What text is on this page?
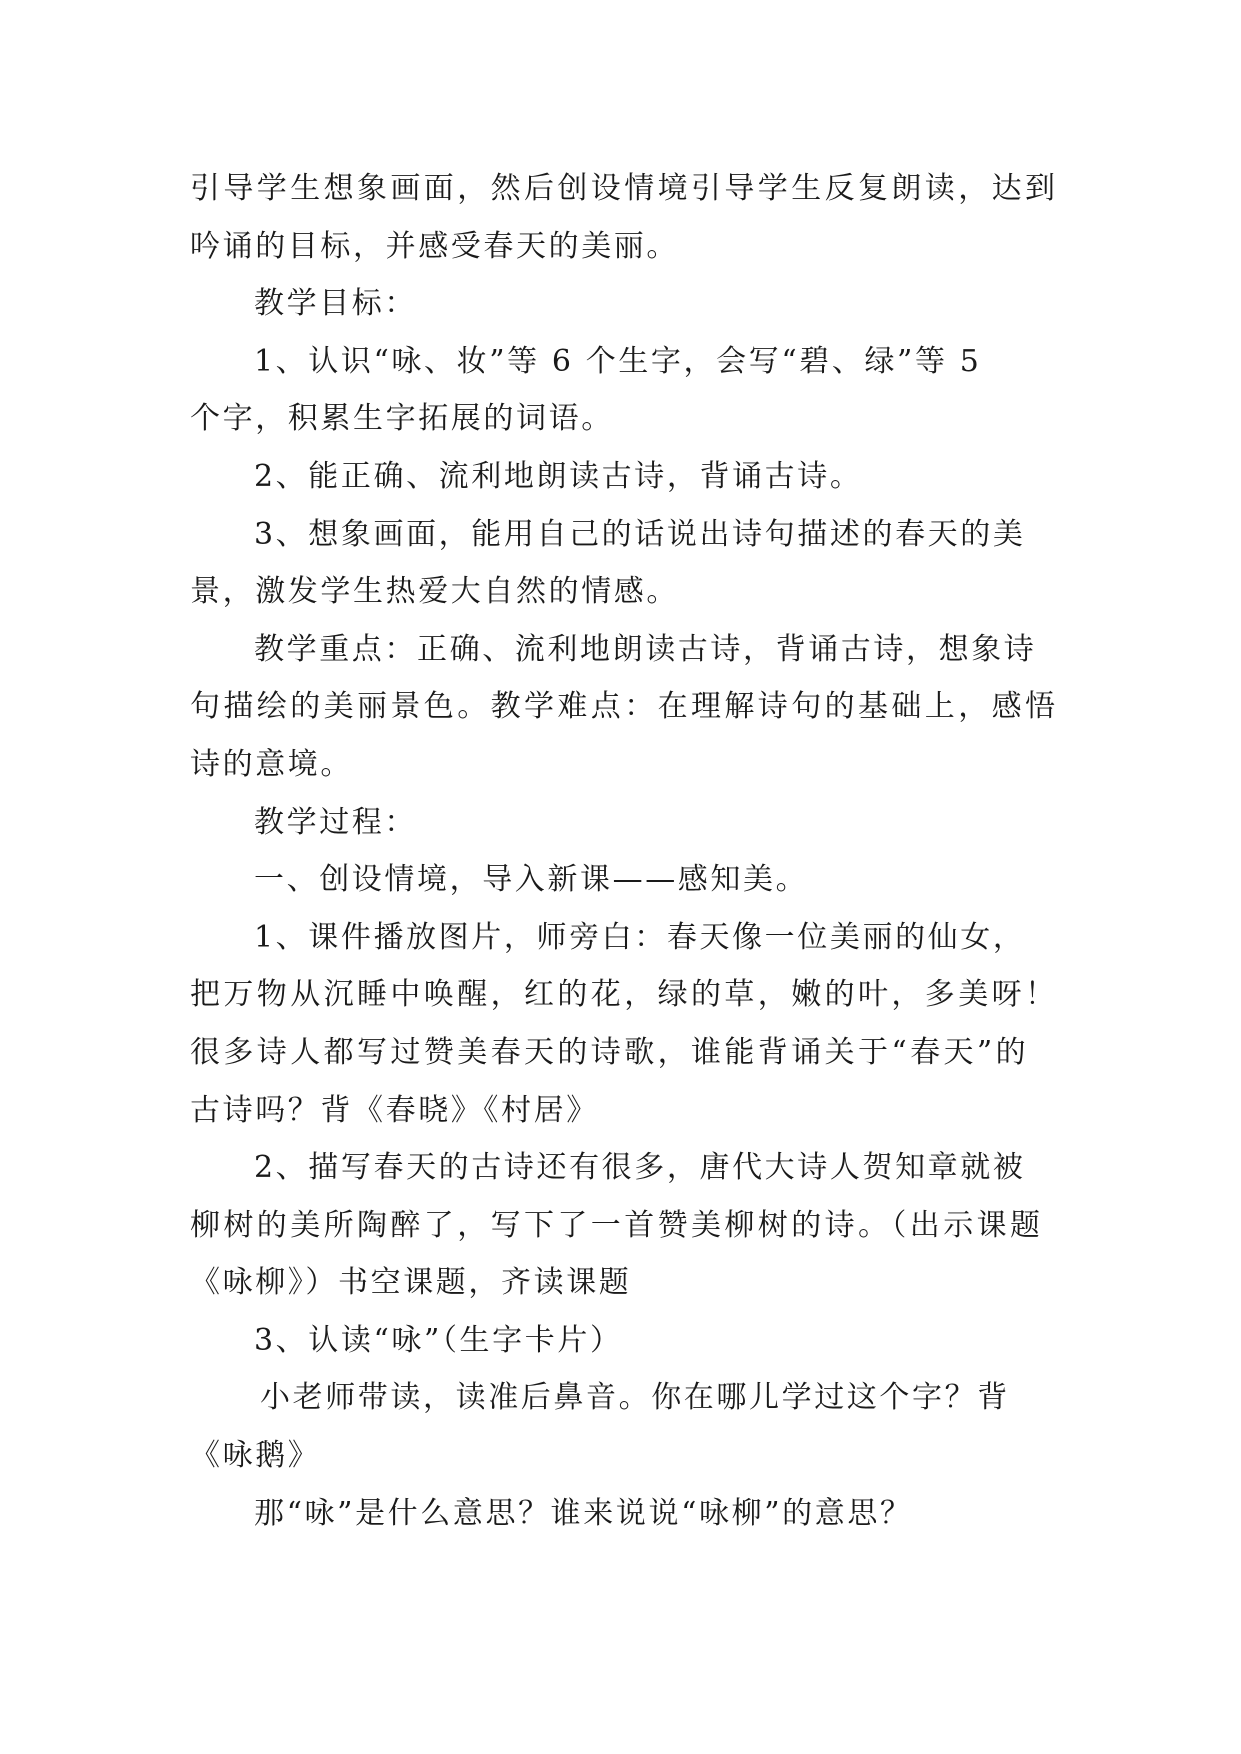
引导学生想象画面，然后创设情境引导学生反复朗读，达到
吟诵的目标，并感受春天的美丽。
教学目标：
1、认识“咏、妆”等 6 个生字，会写“碧、绿”等 5
个字，积累生字拓展的词语。
2、能正确、流利地朗读古诗，背诵古诗。
3、想象画面，能用自己的话说出诗句描述的春天的美
景，激发学生热爱大自然的情感。
教学重点：正确、流利地朗读古诗，背诵古诗，想象诗
句描绘的美丽景色。教学难点：在理解诗句的基础上，感悟
诗的意境。
教学过程：
一、创设情境，导入新课——感知美。
1、课件播放图片，师旁白：春天像一位美丽的仙女，
把万物从沉睡中唤醒，红的花，绿的草，嫩的叶，多美呀！
很多诗人都写过赞美春天的诗歌，谁能背诵关于“春天”的
古诗吗？背《春晓》《村居》
2、描写春天的古诗还有很多，唐代大诗人贺知章就被
柳树的美所陶醉了，写下了一首赞美柳树的诗。（出示课题
《咏柳》）书空课题，齐读课题
3、认读“咏”（生字卡片）
小老师带读，读准后鼻音。你在哪儿学过这个字？背
《咏鹅》
那“咏”是什么意思？谁来说说“咏柳”的意思？
